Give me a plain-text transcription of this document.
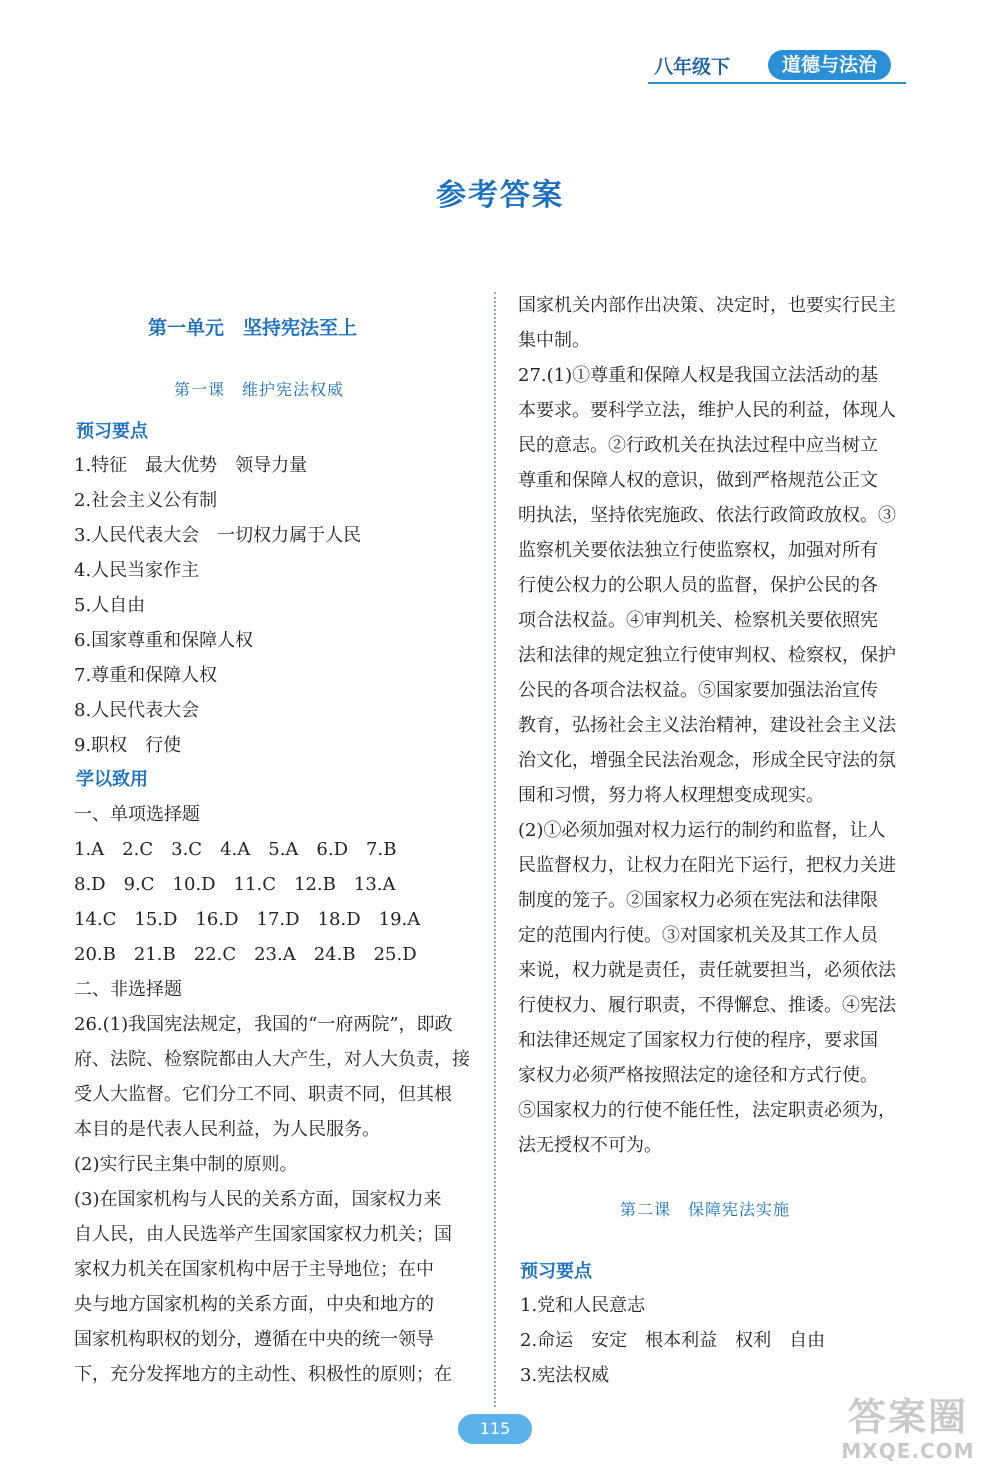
八年级下	道德与法治
参考答案
第一单元　坚持宪法至上
第一课　维护宪法权威
预习要点
1.特征　最大优势　领导力量
2.社会主义公有制
3.人民代表大会　一切权力属于人民
4.人民当家作主
5.人自由
6.国家尊重和保障人权
7.尊重和保障人权
8.人民代表大会
9.职权　行使
学以致用
一、单项选择题
1.A　2.C　3.C　4.A　5.A　6.D　7.B
8.D　9.C　10.D　11.C　12.B　13.A
14.C　15.D　16.D　17.D　18.D　19.A
20.B　21.B　22.C　23.A　24.B　25.D
二、非选择题
26.(1)我国宪法规定，我国的“一府两院”，即政
府、法院、检察院都由人大产生，对人大负责，接
受人大监督。它们分工不同、职责不同，但其根
本目的是代表人民利益，为人民服务。
(2)实行民主集中制的原则。
(3)在国家机构与人民的关系方面，国家权力来
自人民，由人民选举产生国家国家权力机关；国
家权力机关在国家机构中居于主导地位；在中
央与地方国家机构的关系方面，中央和地方的
国家机构职权的划分，遵循在中央的统一领导
下，充分发挥地方的主动性、积极性的原则；在
国家机关内部作出决策、决定时，也要实行民主
集中制。
27.(1)①尊重和保障人权是我国立法活动的基
本要求。要科学立法，维护人民的利益，体现人
民的意志。②行政机关在执法过程中应当树立
尊重和保障人权的意识，做到严格规范公正文
明执法，坚持依宪施政、依法行政简政放权。③
监察机关要依法独立行使监察权，加强对所有
行使公权力的公职人员的监督，保护公民的各
项合法权益。④审判机关、检察机关要依照宪
法和法律的规定独立行使审判权、检察权，保护
公民的各项合法权益。⑤国家要加强法治宣传
教育，弘扬社会主义法治精神，建设社会主义法
治文化，增强全民法治观念，形成全民守法的氛
围和习惯，努力将人权理想变成现实。
(2)①必须加强对权力运行的制约和监督，让人
民监督权力，让权力在阳光下运行，把权力关进
制度的笼子。②国家权力必须在宪法和法律限
定的范围内行使。③对国家机关及其工作人员
来说，权力就是责任，责任就要担当，必须依法
行使权力、履行职责，不得懈怠、推诿。④宪法
和法律还规定了国家权力行使的程序，要求国
家权力必须严格按照法定的途径和方式行使。
⑤国家权力的行使不能任性，法定职责必须为，
法无授权不可为。
第二课　保障宪法实施
预习要点
1.党和人民意志
2.命运　安定　根本利益　权利　自由
3.宪法权威
115	答案圈
MXQE.COM
